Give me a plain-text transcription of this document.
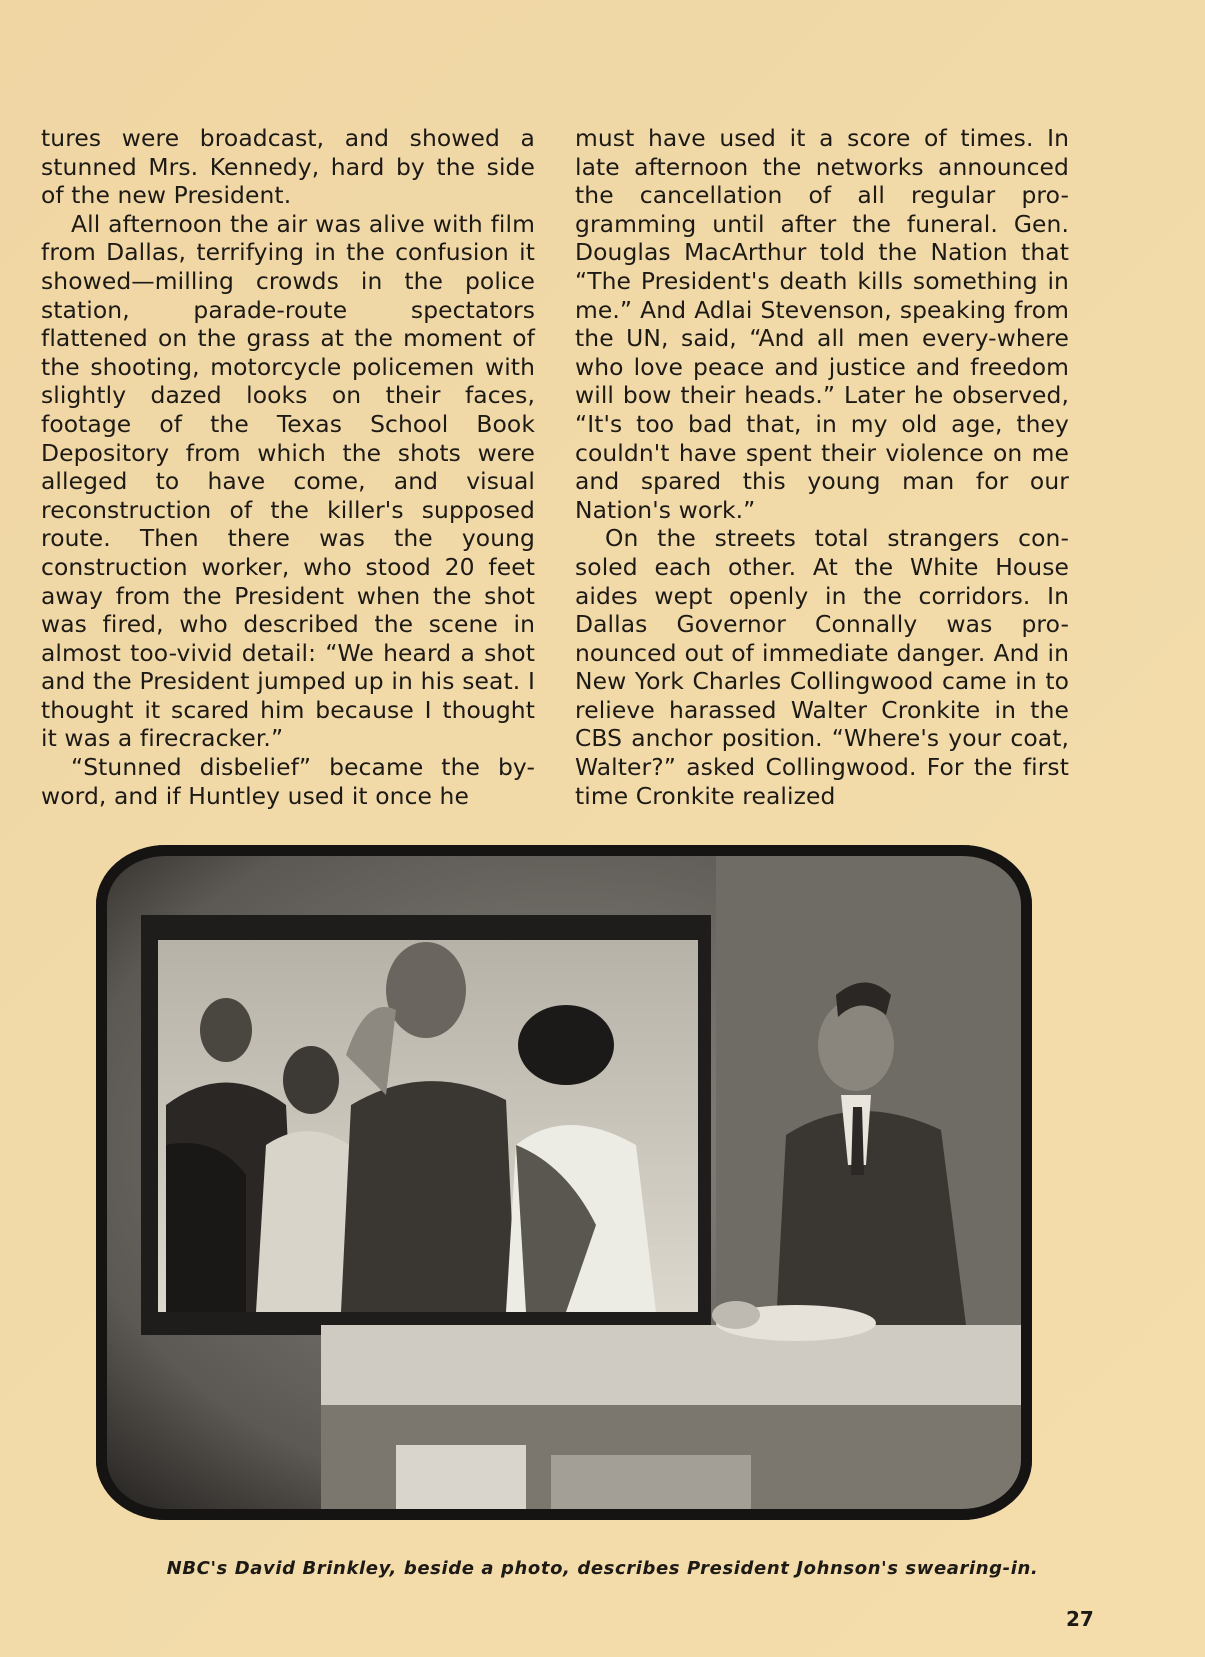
tures were broadcast, and showed a stunned Mrs. Kennedy, hard by the side of the new President.

All afternoon the air was alive with film from Dallas, terrifying in the confusion it showed—milling crowds in the police station, parade-route spectators flattened on the grass at the moment of the shooting, motorcycle policemen with slightly dazed looks on their faces, footage of the Texas School Book Depository from which the shots were alleged to have come, and visual reconstruction of the killer's supposed route. Then there was the young construction worker, who stood 20 feet away from the President when the shot was fired, who described the scene in almost too-vivid detail: “We heard a shot and the President jumped up in his seat. I thought it scared him because I thought it was a firecracker.”

“Stunned disbelief” became the by-word, and if Huntley used it once he

must have used it a score of times. In late afternoon the networks announced the cancellation of all regular pro-gramming until after the funeral. Gen. Douglas MacArthur told the Nation that “The President's death kills something in me.” And Adlai Stevenson, speaking from the UN, said, “And all men every-where who love peace and justice and freedom will bow their heads.” Later he observed, “It's too bad that, in my old age, they couldn't have spent their violence on me and spared this young man for our Nation's work.”

On the streets total strangers con-soled each other. At the White House aides wept openly in the corridors. In Dallas Governor Connally was pro-nounced out of immediate danger. And in New York Charles Collingwood came in to relieve harassed Walter Cronkite in the CBS anchor position. “Where's your coat, Walter?” asked Collingwood. For the first time Cronkite realized

NBC's David Brinkley, beside a photo, describes President Johnson's swearing-in.
27
